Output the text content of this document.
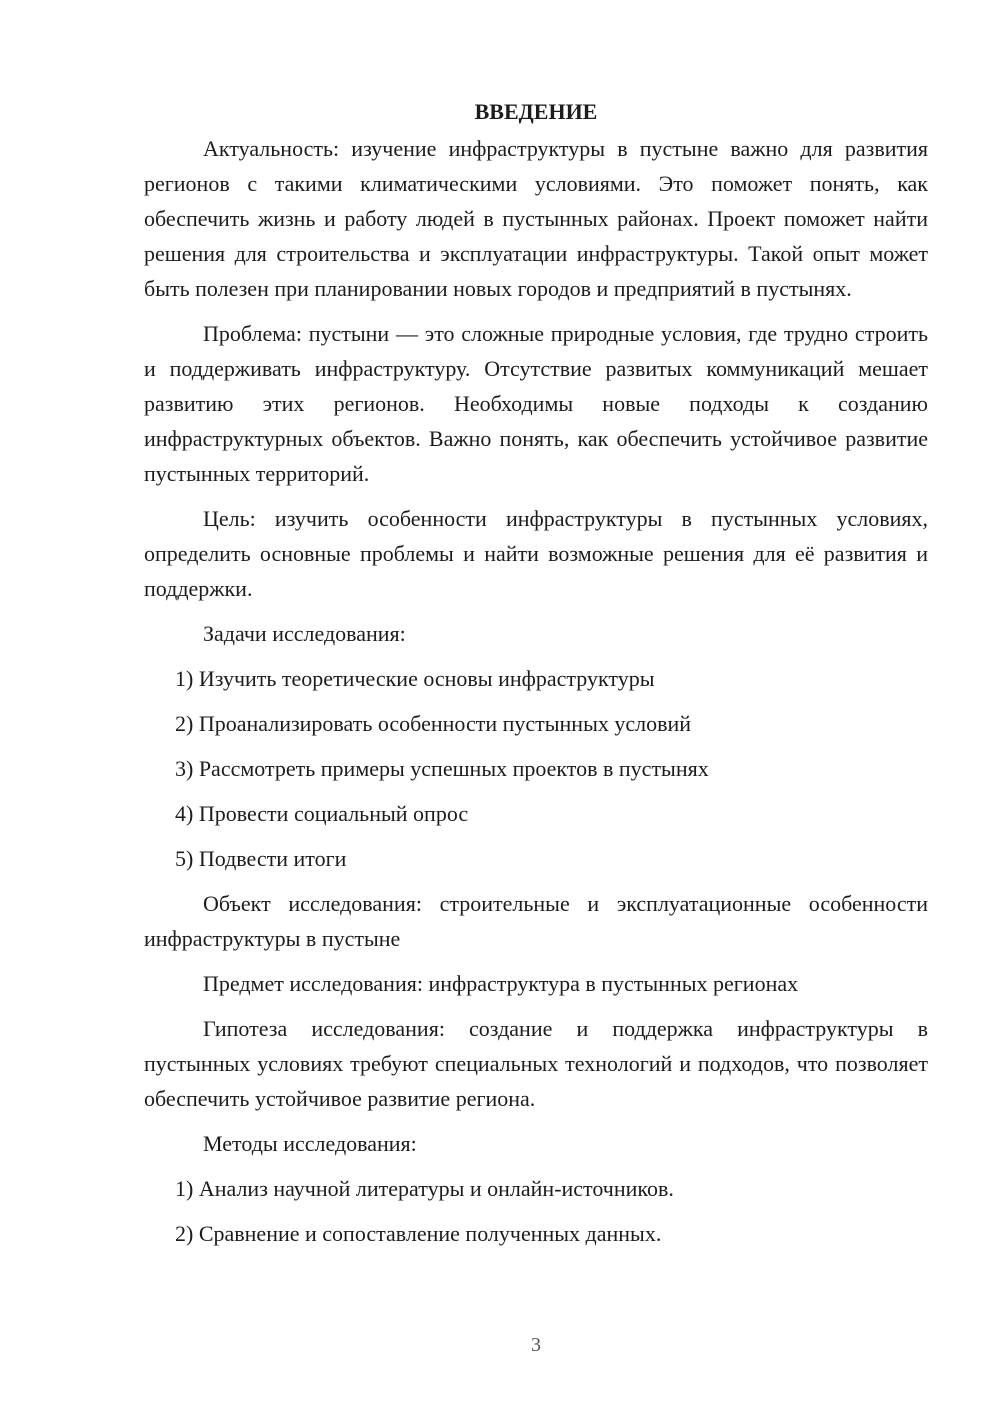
ВВЕДЕНИЕ

Актуальность: изучение инфраструктуры в пустыне важно для развития регионов с такими климатическими условиями. Это поможет понять, как обеспечить жизнь и работу людей в пустынных районах. Проект поможет найти решения для строительства и эксплуатации инфраструктуры. Такой опыт может быть полезен при планировании новых городов и предприятий в пустынях.

Проблема: пустыни — это сложные природные условия, где трудно строить и поддерживать инфраструктуру. Отсутствие развитых коммуникаций мешает развитию этих регионов. Необходимы новые подходы к созданию инфраструктурных объектов. Важно понять, как обеспечить устойчивое развитие пустынных территорий.

Цель: изучить особенности инфраструктуры в пустынных условиях, определить основные проблемы и найти возможные решения для её развития и поддержки.

Задачи исследования:

1) Изучить теоретические основы инфраструктуры

2) Проанализировать особенности пустынных условий

3) Рассмотреть примеры успешных проектов в пустынях

4) Провести социальный опрос

5) Подвести итоги

Объект исследования: строительные и эксплуатационные особенности инфраструктуры в пустыне

Предмет исследования: инфраструктура в пустынных регионах

Гипотеза исследования: создание и поддержка инфраструктуры в пустынных условиях требуют специальных технологий и подходов, что позволяет обеспечить устойчивое развитие региона.

Методы исследования:

1) Анализ научной литературы и онлайн-источников.

2) Сравнение и сопоставление полученных данных.

3
